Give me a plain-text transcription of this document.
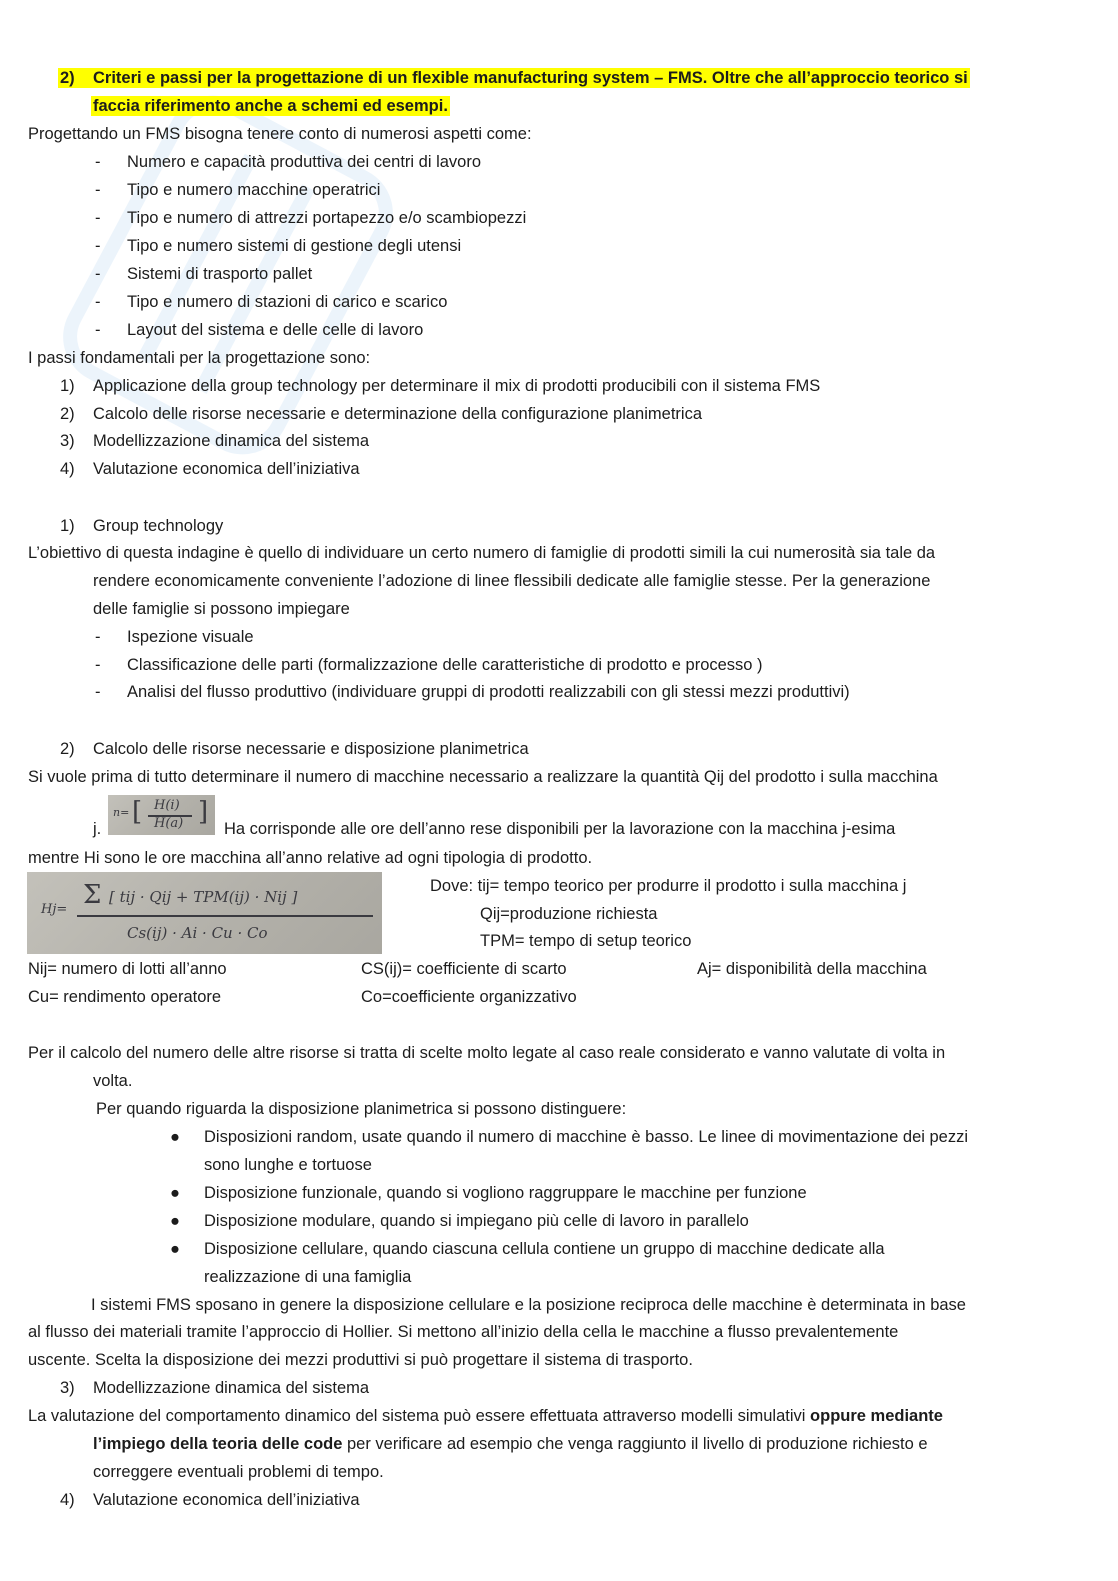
2) Criteri e passi per la progettazione di un flexible manufacturing system – FMS. Oltre che all’approccio teorico si
faccia riferimento anche a schemi ed esempi.
Progettando un FMS bisogna tenere conto di numerosi aspetti come:
- Numero e capacità produttiva dei centri di lavoro
- Tipo e numero macchine operatrici
- Tipo e numero di attrezzi portapezzo e/o scambiopezzi
- Tipo e numero sistemi di gestione degli utensi
- Sistemi di trasporto pallet
- Tipo e numero di stazioni di carico e scarico
- Layout del sistema e delle celle di lavoro
I passi fondamentali per la progettazione sono:
1) Applicazione della group technology per determinare il mix di prodotti producibili con il sistema FMS
2) Calcolo delle risorse necessarie e determinazione della configurazione planimetrica
3) Modellizzazione dinamica del sistema
4) Valutazione economica dell’iniziativa
1) Group technology
L’obiettivo di questa indagine è quello di individuare un certo numero di famiglie di prodotti simili la cui numerosità sia tale da
rendere economicamente conveniente l’adozione di linee flessibili dedicate alle famiglie stesse. Per la generazione
delle famiglie si possono impiegare
- Ispezione visuale
- Classificazione delle parti (formalizzazione delle caratteristiche di prodotto e processo )
- Analisi del flusso produttivo (individuare gruppi di prodotti realizzabili con gli stessi mezzi produttivi)
2) Calcolo delle risorse necessarie e disposizione planimetrica
Si vuole prima di tutto determinare il numero di macchine necessario a realizzare la quantità Qij del prodotto i sulla macchina
j.
n= [ H(i)
H(a) ]
Ha corrisponde alle ore dell’anno rese disponibili per la lavorazione con la macchina j-esima
mentre Hi sono le ore macchina all’anno relative ad ogni tipologia di prodotto.
Hj= Σ [ tij · Qij + TPM(ij) · Nij ]
Cs(ij) · Ai · Cu · Co
Dove: tij= tempo teorico per produrre il prodotto i sulla macchina j
Qij=produzione richiesta
TPM= tempo di setup teorico
Nij= numero di lotti all’anno	CS(ij)= coefficiente di scarto	Aj= disponibilità della macchina
Cu= rendimento operatore	Co=coefficiente organizzativo
Per il calcolo del numero delle altre risorse si tratta di scelte molto legate al caso reale considerato e vanno valutate di volta in
volta.
Per quando riguarda la disposizione planimetrica si possono distinguere:
● Disposizioni random, usate quando il numero di macchine è basso. Le linee di movimentazione dei pezzi
sono lunghe e tortuose
● Disposizione funzionale, quando si vogliono raggruppare le macchine per funzione
● Disposizione modulare, quando si impiegano più celle di lavoro in parallelo
● Disposizione cellulare, quando ciascuna cellula contiene un gruppo di macchine dedicate alla
realizzazione di una famiglia
I sistemi FMS sposano in genere la disposizione cellulare e la posizione reciproca delle macchine è determinata in base
al flusso dei materiali tramite l’approccio di Hollier. Si mettono all’inizio della cella le macchine a flusso prevalentemente
uscente. Scelta la disposizione dei mezzi produttivi si può progettare il sistema di trasporto.
3) Modellizzazione dinamica del sistema
La valutazione del comportamento dinamico del sistema può essere effettuata attraverso modelli simulativi oppure mediante
l’impiego della teoria delle code per verificare ad esempio che venga raggiunto il livello di produzione richiesto e
correggere eventuali problemi di tempo.
4) Valutazione economica dell’iniziativa
